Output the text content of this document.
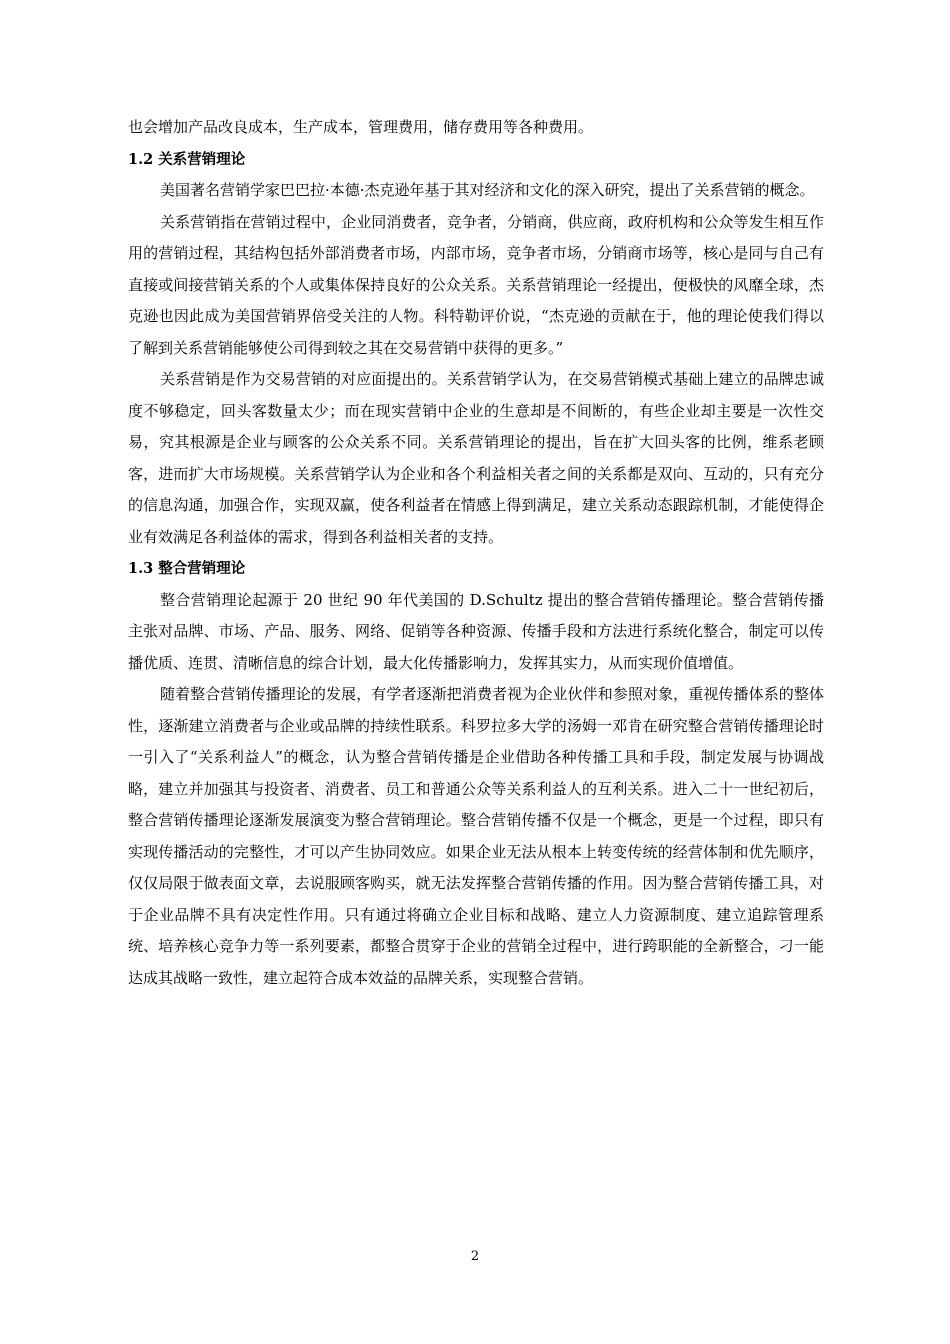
也会增加产品改良成本，生产成本，管理费用，储存费用等各种费用。

1.2 关系营销理论

美国著名营销学家巴巴拉·本德·杰克逊年基于其对经济和文化的深入研究，提出了关系营销的概念。

关系营销指在营销过程中，企业同消费者，竞争者，分销商，供应商，政府机构和公众等发生相互作用的营销过程，其结构包括外部消费者市场，内部市场，竞争者市场，分销商市场等，核心是同与自己有直接或间接营销关系的个人或集体保持良好的公众关系。关系营销理论一经提出，便极快的风靡全球，杰克逊也因此成为美国营销界倍受关注的人物。科特勒评价说，“杰克逊的贡献在于，他的理论使我们得以了解到关系营销能够使公司得到较之其在交易营销中获得的更多。”

关系营销是作为交易营销的对应面提出的。关系营销学认为，在交易营销模式基础上建立的品牌忠诚度不够稳定，回头客数量太少；而在现实营销中企业的生意却是不间断的，有些企业却主要是一次性交易，究其根源是企业与顾客的公众关系不同。关系营销理论的提出，旨在扩大回头客的比例，维系老顾客，进而扩大市场规模。关系营销学认为企业和各个利益相关者之间的关系都是双向、互动的，只有充分的信息沟通，加强合作，实现双赢，使各利益者在情感上得到满足，建立关系动态跟踪机制，才能使得企业有效满足各利益体的需求，得到各利益相关者的支持。

1.3 整合营销理论

整合营销理论起源于 20 世纪 90 年代美国的 D.Schultz 提出的整合营销传播理论。整合营销传播主张对品牌、市场、产品、服务、网络、促销等各种资源、传播手段和方法进行系统化整合，制定可以传播优质、连贯、清晰信息的综合计划，最大化传播影响力，发挥其实力，从而实现价值增值。

随着整合营销传播理论的发展，有学者逐渐把消费者视为企业伙伴和参照对象，重视传播体系的整体性，逐渐建立消费者与企业或品牌的持续性联系。科罗拉多大学的汤姆一邓肯在研究整合营销传播理论时一引入了“关系利益人”的概念，认为整合营销传播是企业借助各种传播工具和手段，制定发展与协调战略，建立并加强其与投资者、消费者、员工和普通公众等关系利益人的互利关系。进入二十一世纪初后，整合营销传播理论逐渐发展演变为整合营销理论。整合营销传播不仅是一个概念，更是一个过程，即只有实现传播活动的完整性，才可以产生协同效应。如果企业无法从根本上转变传统的经营体制和优先顺序，仅仅局限于做表面文章，去说服顾客购买，就无法发挥整合营销传播的作用。因为整合营销传播工具，对于企业品牌不具有决定性作用。只有通过将确立企业目标和战略、建立人力资源制度、建立追踪管理系统、培养核心竞争力等一系列要素，都整合贯穿于企业的营销全过程中，进行跨职能的全新整合，刁一能达成其战略一致性，建立起符合成本效益的品牌关系，实现整合营销。

2
